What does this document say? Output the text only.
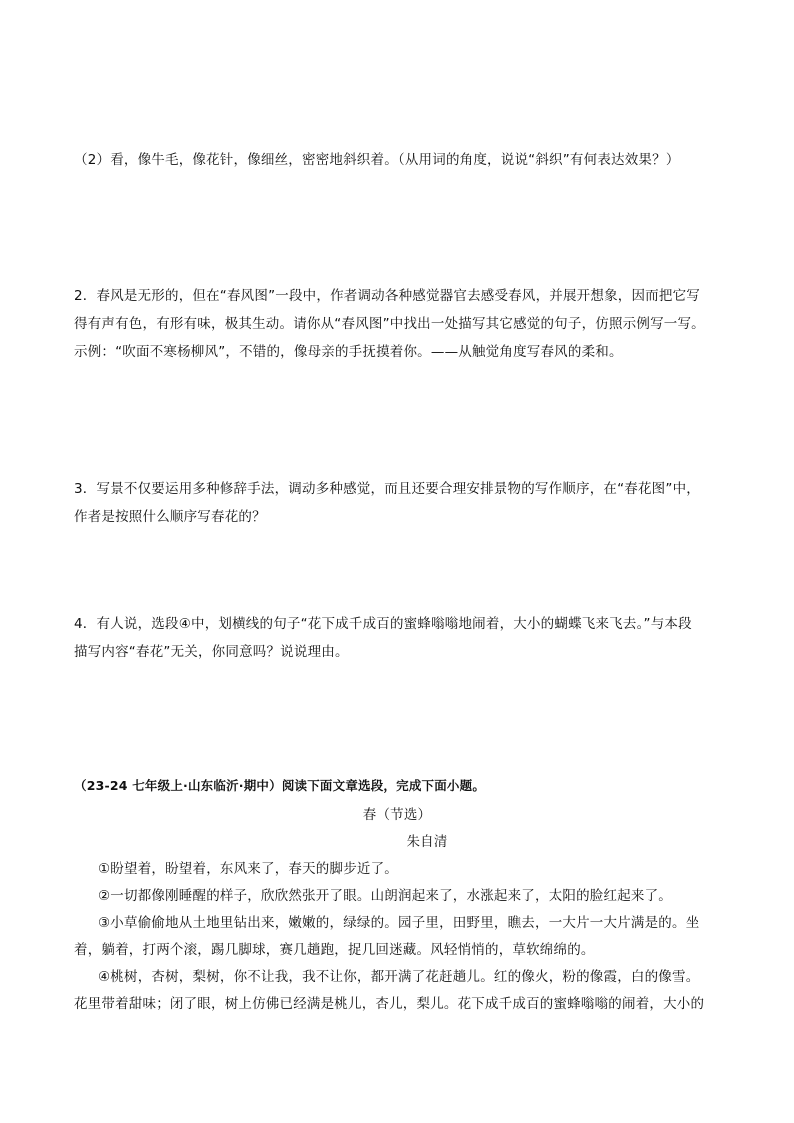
（2）看，像牛毛，像花针，像细丝，密密地斜织着。（从用词的角度，说说“斜织”有何表达效果？）
2．春风是无形的，但在“春风图”一段中，作者调动各种感觉器官去感受春风，并展开想象，因而把它写
得有声有色，有形有味，极其生动。请你从“春风图”中找出一处描写其它感觉的句子，仿照示例写一写。
示例：“吹面不寒杨柳风”，不错的，像母亲的手抚摸着你。——从触觉角度写春风的柔和。
3．写景不仅要运用多种修辞手法，调动多种感觉，而且还要合理安排景物的写作顺序，在“春花图”中，
作者是按照什么顺序写春花的？
4．有人说，选段④中，划横线的句子“花下成千成百的蜜蜂嗡嗡地闹着，大小的蝴蝶飞来飞去。”与本段
描写内容“春花”无关，你同意吗？说说理由。
（23-24 七年级上·山东临沂·期中）阅读下面文章选段，完成下面小题。
春（节选）
朱自清
①盼望着，盼望着，东风来了，春天的脚步近了。
②一切都像刚睡醒的样子，欣欣然张开了眼。山朗润起来了，水涨起来了，太阳的脸红起来了。
③小草偷偷地从土地里钻出来，嫩嫩的，绿绿的。园子里，田野里，瞧去，一大片一大片满是的。坐
着，躺着，打两个滚，踢几脚球，赛几趟跑，捉几回迷藏。风轻悄悄的，草软绵绵的。
④桃树，杏树，梨树，你不让我，我不让你，都开满了花赶趟儿。红的像火，粉的像霞，白的像雪。
花里带着甜味；闭了眼，树上仿佛已经满是桃儿，杏儿，梨儿。花下成千成百的蜜蜂嗡嗡的闹着，大小的
